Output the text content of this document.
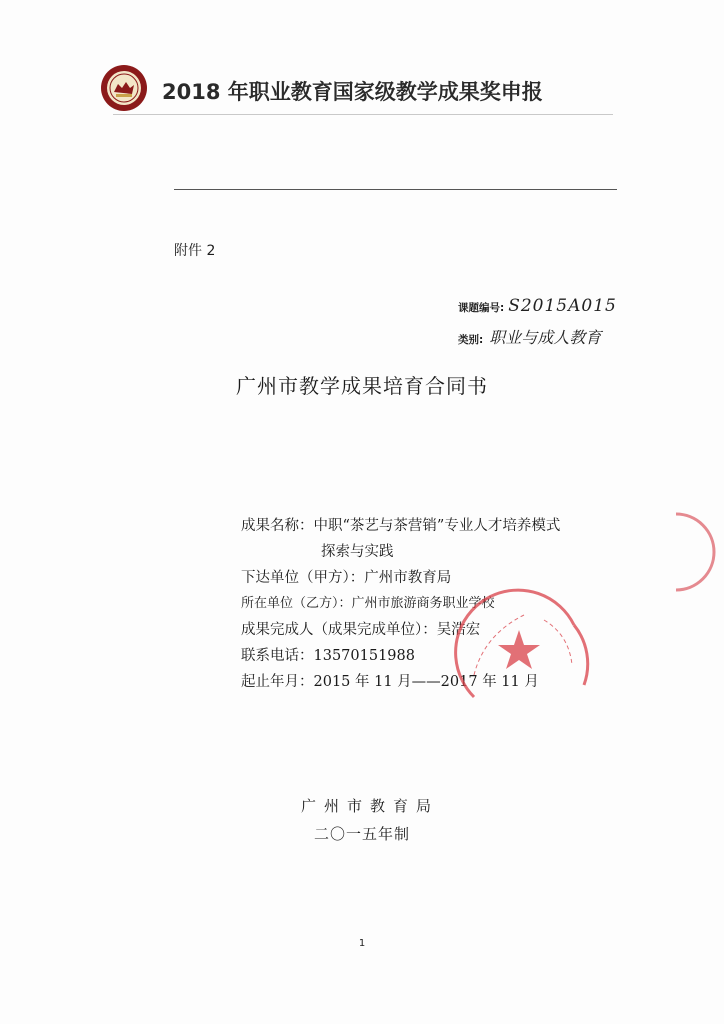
2018 年职业教育国家级教学成果奖申报
附件 2
课题编号: S2015A015
类别: 职业与成人教育
广州市教学成果培育合同书
成果名称：中职“茶艺与茶营销”专业人才培养模式
探索与实践
下达单位（甲方）：广州市教育局
所在单位（乙方）：广州市旅游商务职业学校
成果完成人（成果完成单位）：吴浩宏
联系电话：13570151988
起止年月：2015 年 11 月——2017 年 11 月
广州市教育局
二〇一五年制
1
